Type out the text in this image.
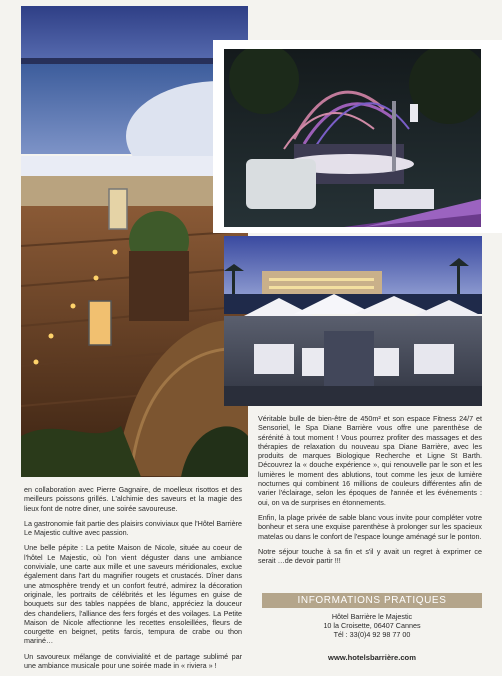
en collaboration avec Pierre Gagnaire, de moelleux risottos et des meilleurs poissons grillés. L'alchimie des saveurs et la magie des lieux font de notre diner, une soirée savoureuse.

La gastronomie fait partie des plaisirs conviviaux que l'Hôtel Barrière Le Majestic cultive avec passion.

Une belle pépite : La petite Maison de Nicole, située au coeur de l'hôtel Le Majestic, où l'on vient déguster dans une ambiance conviviale, une carte aux mille et une saveurs méridionales, exclue également dans l'art du magnifier rougets et crustacés. Dîner dans une atmosphère trendy et un confort feutré, admirez la décoration originale, les portraits de célébrités et les légumes en guise de bouquets sur des tables nappées de blanc, appréciez la douceur des chandeliers, l'alliance des fers forgés et des voilages. La Petite Maison de Nicole affectionne les recettes ensoleillées, fleurs de courgette en beignet, petits farcis, tempura de crabe ou thon mariné…

Un savoureux mélange de convivialité et de partage sublimé par une ambiance musicale pour une soirée made in « riviera » !

Véritable bulle de bien-être de 450m² et son espace Fitness 24/7 et Sensoriel, le Spa Diane Barrière vous offre une parenthèse de sérénité à tout moment ! Vous pourrez profiter des massages et des thérapies de relaxation du nouveau spa Diane Barrière, avec les produits de marques Biologique Recherche et Ligne St Barth. Découvrez la « douche expérience », qui renouvelle par le son et les lumières le moment des ablutions, tout comme les jeux de lumière nocturnes qui combinent 16 millions de couleurs différentes afin de varier l'éclairage, selon les époques de l'année et les événements : oui, on va de surprises en étonnements.

Enfin, la plage privée de sable blanc vous invite pour compléter votre bonheur et sera une exquise parenthèse à prolonger sur les spacieux matelas ou dans le confort de l'espace lounge aménagé sur le ponton.

Notre séjour touche à sa fin et s'il y avait un regret à exprimer ce serait …de devoir partir !!!

INFORMATIONS PRATIQUES
Hôtel Barrière le Majestic
10 la Croisette, 06407 Cannes
Tél : 33(0)4 92 98 77 00
www.hotelsbarrière.com
